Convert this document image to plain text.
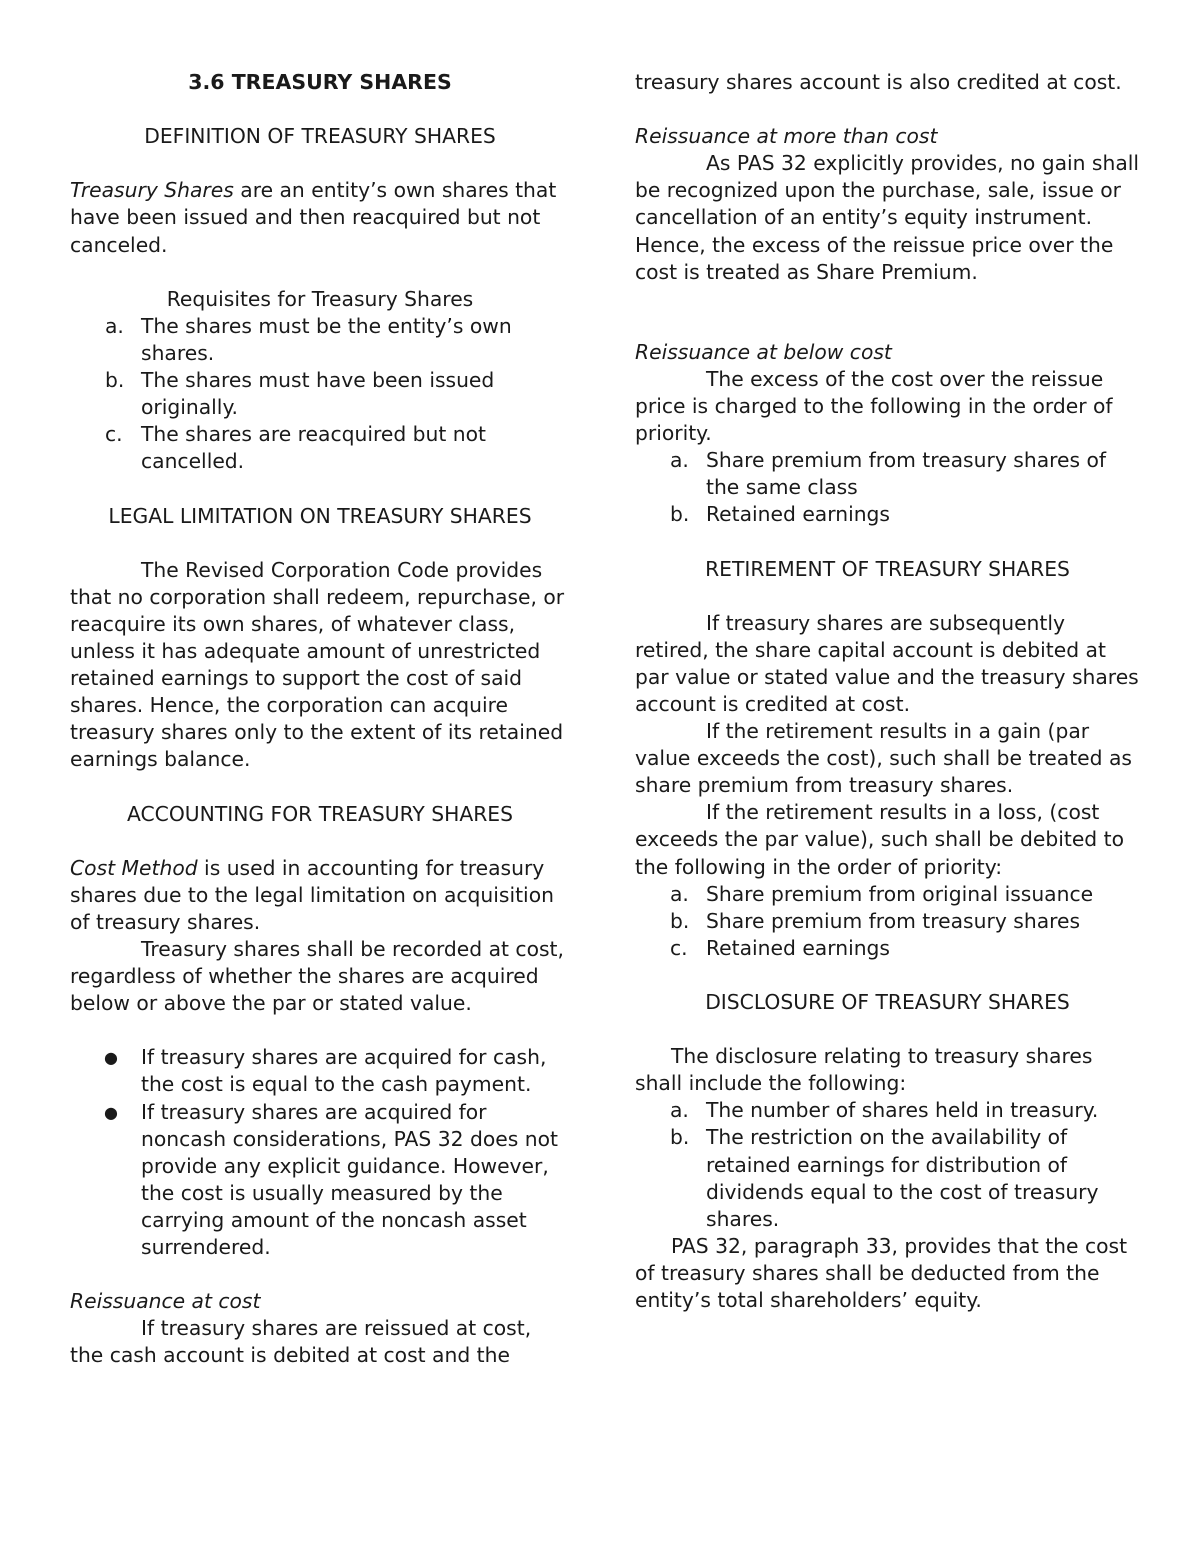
3.6 TREASURY SHARES

DEFINITION OF TREASURY SHARES

Treasury Shares are an entity’s own shares that have been issued and then reacquired but not canceled.

Requisites for Treasury Shares

a. The shares must be the entity’s own shares.
b. The shares must have been issued originally.
c. The shares are reacquired but not cancelled.

LEGAL LIMITATION ON TREASURY SHARES

The Revised Corporation Code provides that no corporation shall redeem, repurchase, or reacquire its own shares, of whatever class, unless it has adequate amount of unrestricted retained earnings to support the cost of said shares. Hence, the corporation can acquire treasury shares only to the extent of its retained earnings balance.

ACCOUNTING FOR TREASURY SHARES

Cost Method is used in accounting for treasury shares due to the legal limitation on acquisition of treasury shares.

Treasury shares shall be recorded at cost, regardless of whether the shares are acquired below or above the par or stated value.

● If treasury shares are acquired for cash, the cost is equal to the cash payment.
● If treasury shares are acquired for noncash considerations, PAS 32 does not provide any explicit guidance. However, the cost is usually measured by the carrying amount of the noncash asset surrendered.

Reissuance at cost

If treasury shares are reissued at cost, the cash account is debited at cost and the

treasury shares account is also credited at cost.

Reissuance at more than cost

As PAS 32 explicitly provides, no gain shall be recognized upon the purchase, sale, issue or cancellation of an entity’s equity instrument. Hence, the excess of the reissue price over the cost is treated as Share Premium.

Reissuance at below cost

The excess of the cost over the reissue price is charged to the following in the order of priority.

a. Share premium from treasury shares of the same class
b. Retained earnings

RETIREMENT OF TREASURY SHARES

If treasury shares are subsequently retired, the share capital account is debited at par value or stated value and the treasury shares account is credited at cost.

If the retirement results in a gain (par value exceeds the cost), such shall be treated as share premium from treasury shares.

If the retirement results in a loss, (cost exceeds the par value), such shall be debited to the following in the order of priority:

a. Share premium from original issuance
b. Share premium from treasury shares
c. Retained earnings

DISCLOSURE OF TREASURY SHARES

The disclosure relating to treasury shares shall include the following:

a. The number of shares held in treasury.
b. The restriction on the availability of retained earnings for distribution of dividends equal to the cost of treasury shares.

PAS 32, paragraph 33, provides that the cost of treasury shares shall be deducted from the entity’s total shareholders’ equity.
